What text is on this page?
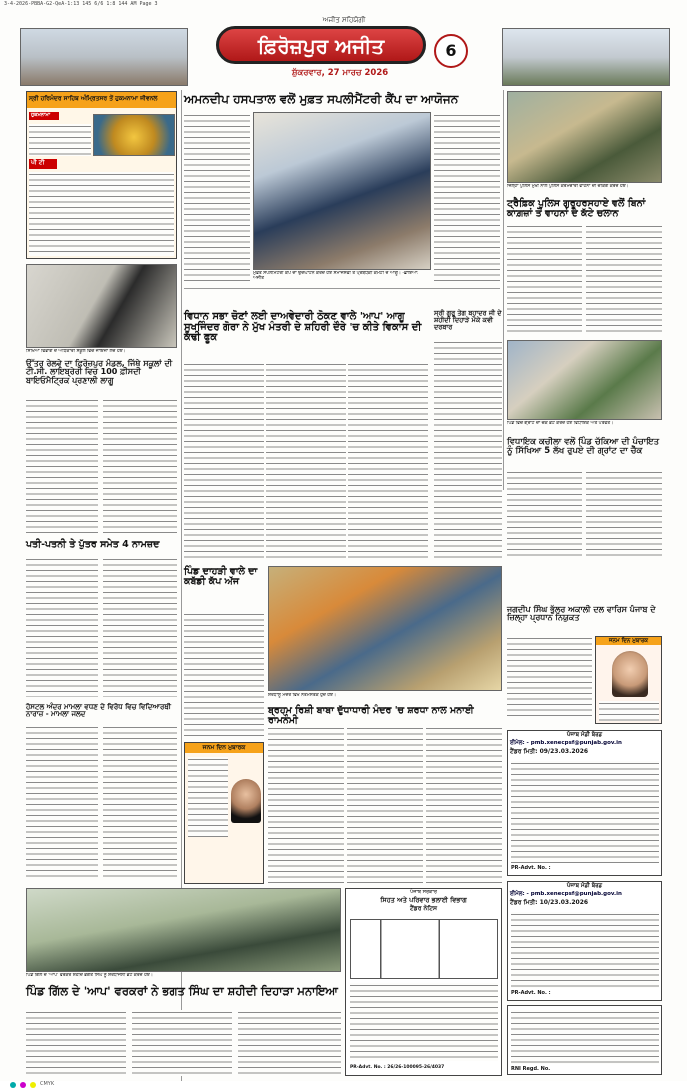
3-4-2026-PBBA-G2-QeA-1:13 145 6/6 1:8 144 AM Page 3
ਅਜੀਤ ਸਹਿਯੋਗੀ
ਫ਼ਿਰੋਜ਼ਪੁਰ ਅਜੀਤ	6
ਸ਼ੁੱਕਰਵਾਰ, 27 ਮਾਰਚ 2026
ਸ੍ਰੀ ਹਰਿਮੰਦਰ ਸਾਹਿਬ ਅੰਮ੍ਰਿਤਸਰ ਤੋਂ ਹੁਕਮਨਾਮਾ ਜੀਵਨਲ
ਹੁਕਮਨਾਮਾ
ਪੀ ਟੀ
ਸਿੱਖਿਆ ਵਿਭਾਗ ਦੇ ਅਧਿਕਾਰੀ ਸਕੂਲ ਵਿਚ ਜਾਇਜ਼ਾ ਲੈਂਦੇ ਹੋਏ।
ਉੱਤਰ ਰੇਲਵੇ ਦਾ ਫ਼ਿਰੋਜ਼ਪੁਰ ਮੰਡਲ, ਜਿੱਥੇ ਸਕੂਲਾਂ ਦੀ ਟੀ.ਸੀ. ਲਾਇਬ੍ਰੇਰੀ ਵਿਚ 100 ਫ਼ੀਸਦੀ ਬਾਇਓਮੈਟ੍ਰਿਕ ਪ੍ਰਣਾਲੀ ਲਾਗੂ
ਪਤੀ-ਪਤਨੀ ਤੇ ਪੁੱਤਰ ਸਮੇਤ 4 ਨਾਮਜ਼ਦ
ਅਮਨਦੀਪ ਹਸਪਤਾਲ ਵਲੋਂ ਮੁਫ਼ਤ ਸਪਲੀਮੈਂਟਰੀ ਕੈਂਪ ਦਾ ਆਯੋਜਨ
ਮੁਫ਼ਤ ਸਪਲੀਮੈਂਟਰੀ ਕੈਂਪ ਦਾ ਉਦਘਾਟਨ ਕਰਦੇ ਹੋਏ ਸਮਾਜਸੇਵੀ ਤੇ ਪ੍ਰਬੰਧਕੀ ਕਮੇਟੀ ਦੇ ਆਗੂ। -ਛਾਇਆ: ਅਜੀਤ
ਜਿਲ੍ਹਾ ਪੁਲਿਸ ਮੁਖੀ ਨਾਲ ਪੁਲਿਸ ਕਰਮਚਾਰੀ ਵਾਹਨਾਂ ਦੀ ਚੈਕਿੰਗ ਕਰਦੇ ਹੋਏ।
ਟ੍ਰੈਫ਼ਿਕ ਪੁਲਿਸ ਗੁਰੂਹਰਸਹਾਏ ਵਲੋਂ ਬਿਨਾਂ ਕਾਗ਼ਜ਼ਾਂ ਤੋਂ ਵਾਹਨਾਂ ਦੇ ਕੱਟੇ ਚਲਾਨ
ਵਿਧਾਨ ਸਭਾ ਚੋਣਾਂ ਲਈ ਦਾਅਵੇਦਾਰੀ ਠੋਕਣ ਵਾਲੇ 'ਆਪ' ਆਗੂ ਸੁਖਜਿੰਦਰ ਗੋਰਾ ਨੇ ਮੁੱਖ ਮੰਤਰੀ ਦੇ ਸ਼ਹਿਰੀ ਦੌਰੇ 'ਚ ਕੀਤੇ ਵਿਕਾਸ ਦੀ ਕੱਢੀ ਫੂਕ
ਸ੍ਰੀ ਗੁਰੂ ਤੇਗ ਬਹਾਦਰ ਜੀ ਦੇ ਸ਼ਹੀਦੀ ਦਿਹਾੜੇ ਮੌਕੇ ਕਵੀ ਦਰਬਾਰ
ਪਿੰਡ ਵਿਚ ਗ੍ਰਾਂਟ ਦਾ ਚੈੱਕ ਭੇਟ ਕਰਦੇ ਹੋਏ ਵਿਧਾਇਕ ਅਤੇ ਪਤਵੰਤੇ।
ਵਿਧਾਇਕ ਕਚੀਲਾ ਵਲੋਂ ਪਿੰਡ ਚੱਕਿਆ ਦੀ ਪੰਚਾਇਤ ਨੂੰ ਸਿੱਖਿਆ 5 ਲੱਖ ਰੁਪਏ ਦੀ ਗ੍ਰਾਂਟ ਦਾ ਚੈੱਕ
ਪਿੰਡ ਦਾਹੜੀ ਵਾਲੇ ਦਾ ਕਬੱਡੀ ਕੱਪ ਅੱਜ
ਸ਼ਰਧਾਲੂ ਮੰਦਰ ਵਿਖੇ ਨਤਮਸਤਕ ਹੁੰਦੇ ਹੋਏ।
ਬ੍ਰਹਮ ਰਿਸ਼ੀ ਬਾਬਾ ਦੁੱਧਾਧਾਰੀ ਮੰਦਰ 'ਚ ਸ਼ਰਧਾ ਨਾਲ ਮਨਾਈ ਰਾਮਨੌਮੀ
ਜਗਦੀਪ ਸਿੰਘ ਭੁੱਲਰ ਅਕਾਲੀ ਦਲ ਵਾਰਿਸ ਪੰਜਾਬ ਦੇ ਜ਼ਿਲ੍ਹਾ ਪ੍ਰਧਾਨ ਨਿਯੁਕਤ
ਜਨਮ ਦਿਨ ਮੁਬਾਰਕ
ਹੋਸਟਲ ਅੰਦਰ ਮਾਮਲਾ ਵਧਣ ਦੇ ਵਿਰੋਧ ਵਿਚ ਵਿਦਿਆਰਥੀ ਨਾਰਾਜ਼ - ਮਾਮਲਾ ਜਲਦ
ਜਨਮ ਦਿਨ ਮੁਬਾਰਕ
ਪੰਜਾਬ ਮੰਡੀ ਬੋਰਡ
ਈਮੇਲ: - pmb.xenecpsf@punjab.gov.in
ਟੈਂਡਰ ਮਿਤੀ: 09/23.03.2026
PR-Advt. No. :
ਪੰਜਾਬ ਮੰਡੀ ਬੋਰਡ
ਈਮੇਲ: - pmb.xenecpsf@punjab.gov.in
ਟੈਂਡਰ ਮਿਤੀ: 10/23.03.2026
PR-Advt. No. :
RNI Regd. No.
ਪਿੰਡ ਗਿੱਲ ਦੇ 'ਆਪ' ਵਰਕਰ ਸ਼ਹੀਦ ਭਗਤ ਸਿੰਘ ਨੂੰ ਸ਼ਰਧਾਂਜਲੀ ਭੇਟ ਕਰਦੇ ਹੋਏ।
ਪਿੰਡ ਗਿੱਲ ਦੇ 'ਆਪ' ਵਰਕਰਾਂ ਨੇ ਭਗਤ ਸਿੰਘ ਦਾ ਸ਼ਹੀਦੀ ਦਿਹਾੜਾ ਮਨਾਇਆ
ਪੰਜਾਬ ਸਰਕਾਰ
ਸਿਹਤ ਅਤੇ ਪਰਿਵਾਰ ਭਲਾਈ ਵਿਭਾਗ
ਟੈਂਡਰ ਨੋਟਿਸ
PR-Advt. No. : 26/26-100095-26/4037
CMYK
